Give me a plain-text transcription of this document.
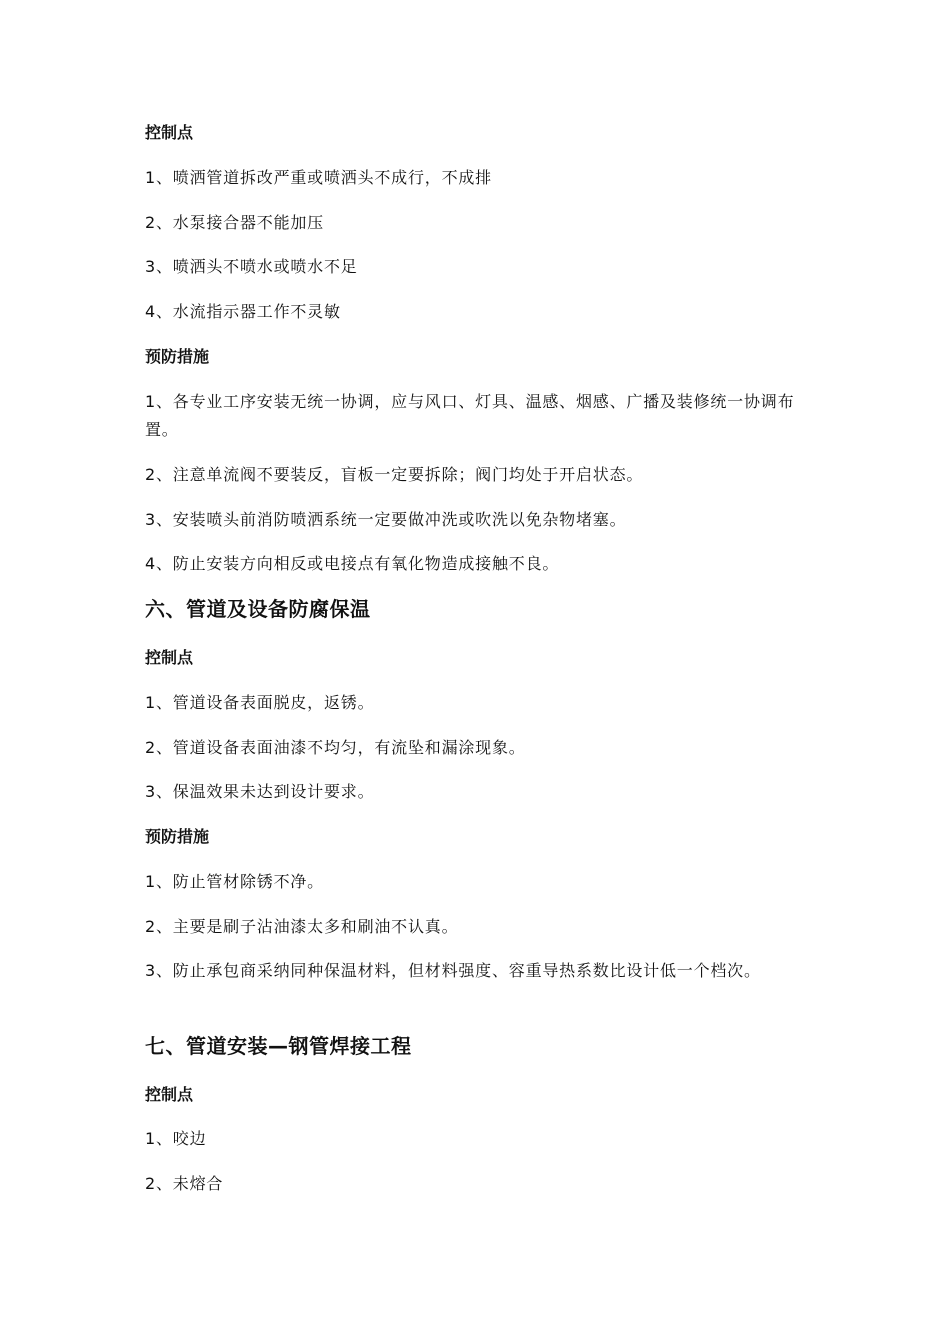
控制点

1、喷洒管道拆改严重或喷洒头不成行，不成排

2、水泵接合器不能加压

3、喷洒头不喷水或喷水不足

4、水流指示器工作不灵敏

预防措施

1、各专业工序安装无统一协调，应与风口、灯具、温感、烟感、广播及装修统一协调布置。

2、注意单流阀不要装反，盲板一定要拆除；阀门均处于开启状态。

3、安装喷头前消防喷洒系统一定要做冲洗或吹洗以免杂物堵塞。

4、防止安装方向相反或电接点有氧化物造成接触不良。

六、管道及设备防腐保温

控制点

1、管道设备表面脱皮，返锈。

2、管道设备表面油漆不均匀，有流坠和漏涂现象。

3、保温效果未达到设计要求。

预防措施

1、防止管材除锈不净。

2、主要是刷子沾油漆太多和刷油不认真。

3、防止承包商采纳同种保温材料，但材料强度、容重导热系数比设计低一个档次。

七、管道安装—钢管焊接工程

控制点

1、咬边

2、未熔合
